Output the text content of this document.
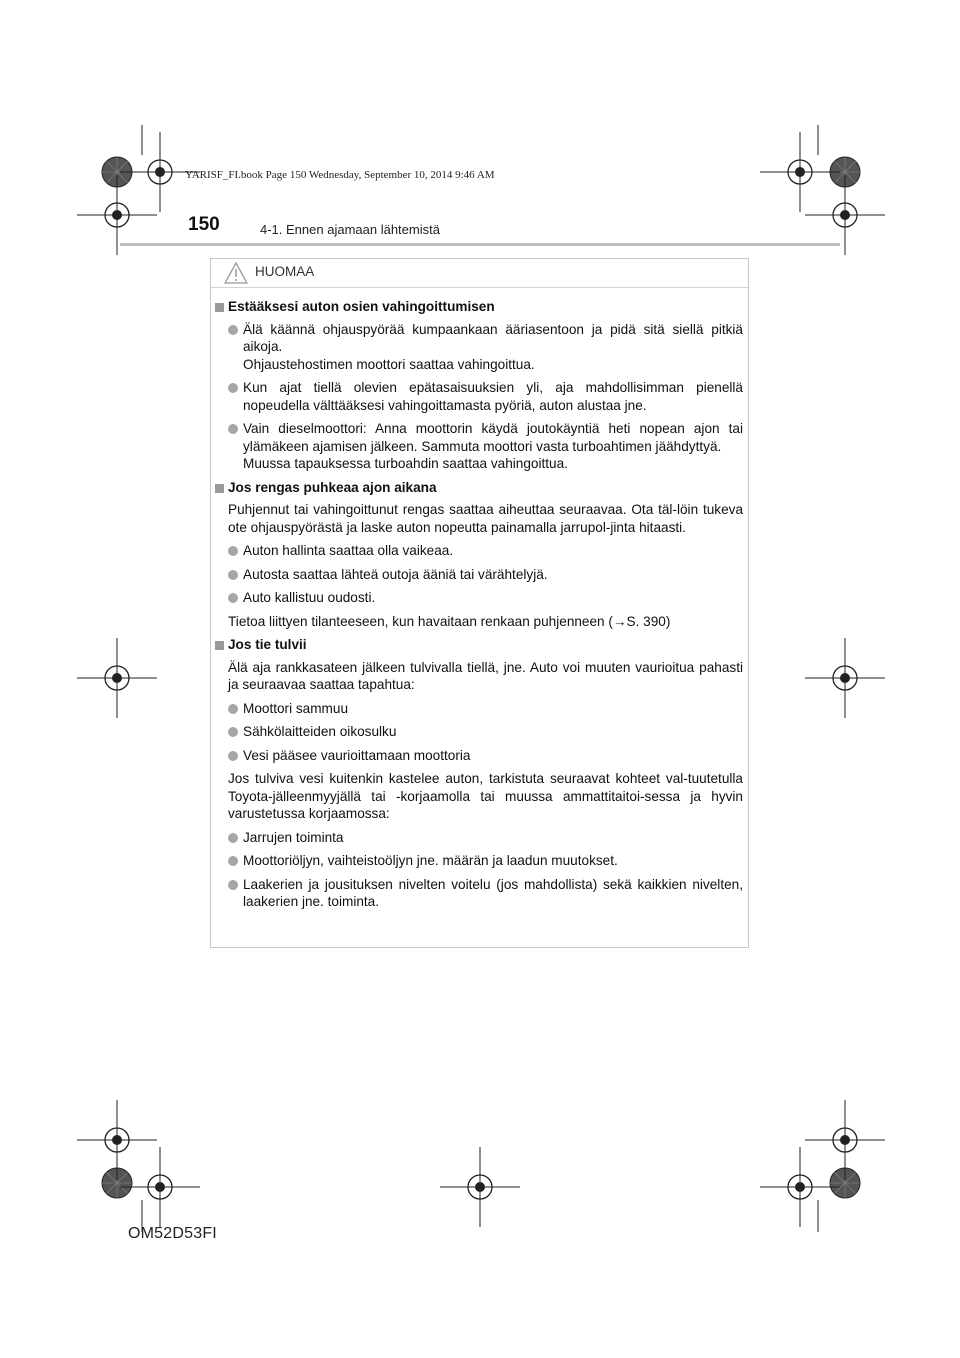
YARISF_FI.book Page 150 Wednesday, September 10, 2014 9:46 AM
150	4-1. Ennen ajamaan lähtemistä
HUOMAA
Estääksesi auton osien vahingoittumisen
Älä käännä ohjauspyörää kumpaankaan ääriasentoon ja pidä sitä siellä pitkiä aikoja.
Ohjaustehostimen moottori saattaa vahingoittua.
Kun ajat tiellä olevien epätasaisuuksien yli, aja mahdollisimman pienellä nopeudella välttääksesi vahingoittamasta pyöriä, auton alustaa jne.
Vain dieselmoottori: Anna moottorin käydä joutokäyntiä heti nopean ajon tai ylämäkeen ajamisen jälkeen. Sammuta moottori vasta turboahtimen jäähdyttyä.
Muussa tapauksessa turboahdin saattaa vahingoittua.
Jos rengas puhkeaa ajon aikana
Puhjennut tai vahingoittunut rengas saattaa aiheuttaa seuraavaa. Ota täl-löin tukeva ote ohjauspyörästä ja laske auton nopeutta painamalla jarrupol-jinta hitaasti.
Auton hallinta saattaa olla vaikeaa.
Autosta saattaa lähteä outoja ääniä tai värähtelyjä.
Auto kallistuu oudosti.
Tietoa liittyen tilanteeseen, kun havaitaan renkaan puhjenneen (→S. 390)
Jos tie tulvii
Älä aja rankkasateen jälkeen tulvivalla tiellä, jne. Auto voi muuten vaurioitua pahasti ja seuraavaa saattaa tapahtua:
Moottori sammuu
Sähkölaitteiden oikosulku
Vesi pääsee vaurioittamaan moottoria
Jos tulviva vesi kuitenkin kastelee auton, tarkistuta seuraavat kohteet val-tuutetulla Toyota-jälleenmyyjällä tai -korjaamolla tai muussa ammattitaitoi-sessa ja hyvin varustetussa korjaamossa:
Jarrujen toiminta
Moottoriöljyn, vaihteistoöljyn jne. määrän ja laadun muutokset.
Laakerien ja jousituksen nivelten voitelu (jos mahdollista) sekä kaikkien nivelten, laakerien jne. toiminta.
OM52D53FI
